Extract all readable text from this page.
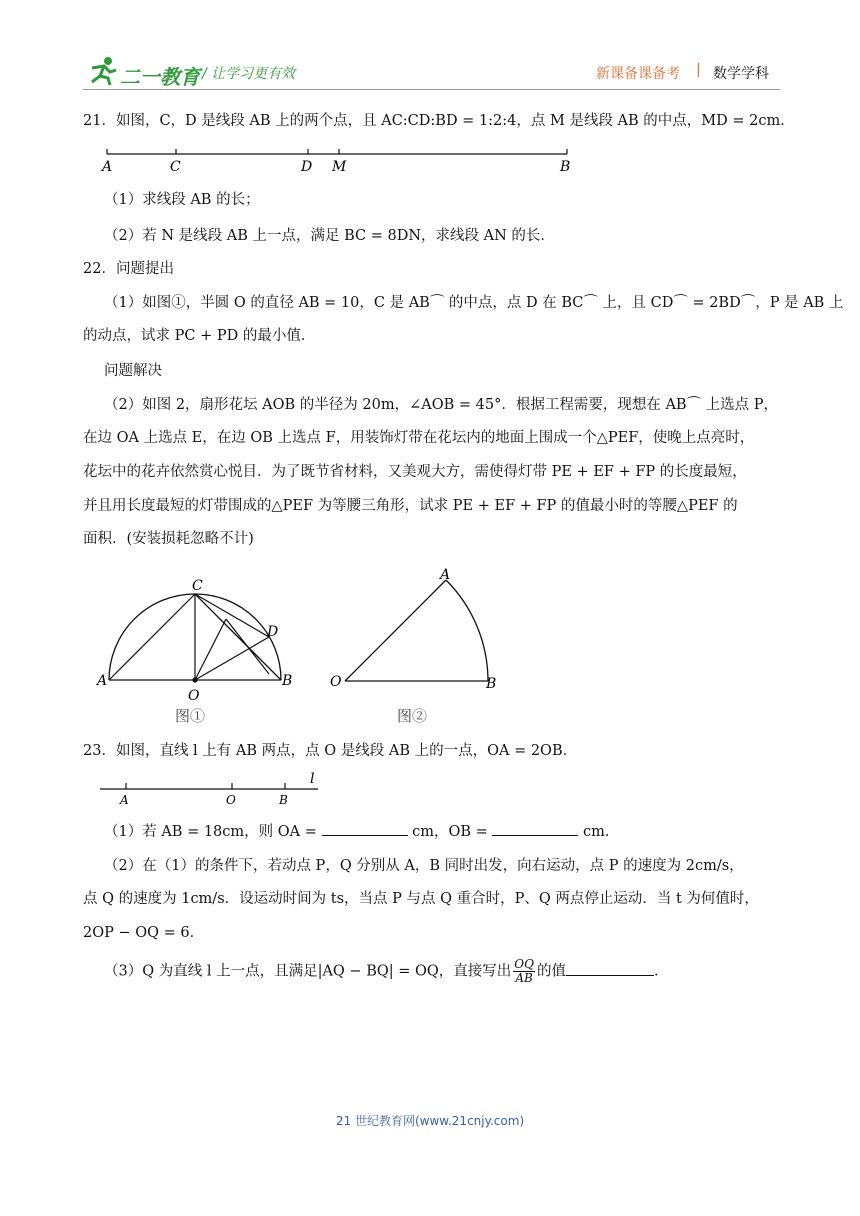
二一教育 / 让学习更有效	新课备课备考 | 数学学科
21．如图，C，D 是线段 AB 上的两个点，且 AC:CD:BD = 1:2:4，点 M 是线段 AB 的中点，MD = 2cm．
A	C	D M	B
（1）求线段 AB 的长；
（2）若 N 是线段 AB 上一点，满足 BC = 8DN，求线段 AN 的长．
22．问题提出
（1）如图①，半圆 O 的直径 AB = 10，C 是 AB⌒ 的中点，点 D 在 BC⌒ 上，且 CD⌒ = 2BD⌒，P 是 AB 上
的动点，试求 PC + PD 的最小值．
问题解决
（2）如图 2，扇形花坛 AOB 的半径为 20m，∠AOB = 45°．根据工程需要，现想在 AB⌒ 上选点 P，
在边 OA 上选点 E，在边 OB 上选点 F，用装饰灯带在花坛内的地面上围成一个△PEF，使晚上点亮时，
花坛中的花卉依然赏心悦目．为了既节省材料，又美观大方，需使得灯带 PE + EF + FP 的长度最短，
并且用长度最短的灯带围成的△PEF 为等腰三角形，试求 PE + EF + FP 的值最小时的等腰△PEF 的
面积．(安装损耗忽略不计)
C
D
A	B
O
图①
A
O	B
图②
23．如图，直线 l 上有 AB 两点，点 O 是线段 AB 上的一点，OA = 2OB．
l
A	O	B
（1）若 AB = 18cm，则 OA =	cm，OB =	cm．
（2）在（1）的条件下，若动点 P，Q 分别从 A，B 同时出发，向右运动，点 P 的速度为 2cm/s，
点 Q 的速度为 1cm/s．设运动时间为 ts，当点 P 与点 Q 重合时，P、Q 两点停止运动．当 t 为何值时，
2OP − OQ = 6．
（3）Q 为直线 l 上一点，且满足|AQ − BQ| = OQ，直接写出 $\frac{OQ}{AB}$ 的值	．
21 世纪教育网(www.21cnjy.com)
